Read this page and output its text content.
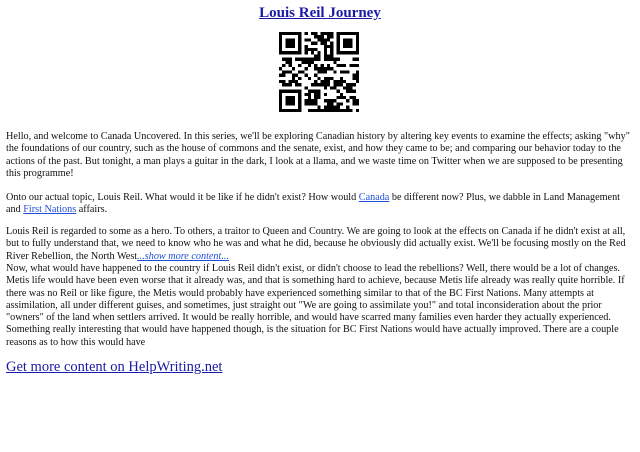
Louis Reil Journey

Hello, and welcome to Canada Uncovered. In this series, we'll be exploring Canadian history by altering key events to examine the effects; asking "why" the foundations of our country, such as the house of commons and the senate, exist, and how they came to be; and comparing our behavior today to the actions of the past. But tonight, a man plays a guitar in the dark, I look at a llama, and we waste time on Twitter when we are supposed to be presenting this programme!

Onto our actual topic, Louis Reil. What would it be like if he didn't exist? How would Canada be different now? Plus, we dabble in Land Management and First Nations affairs.

Louis Reil is regarded to some as a hero. To others, a traitor to Queen and Country. We are going to look at the effects on Canada if he didn't exist at all, but to fully understand that, we need to know who he was and what he did, because he obviously did actually exist. We'll be focusing mostly on the Red River Rebellion, the North West...show more content...

Now, what would have happened to the country if Louis Reil didn't exist, or didn't choose to lead the rebellions? Well, there would be a lot of changes. Metis life would have been even worse that it already was, and that is something hard to achieve, because Metis life already was really quite horrible. If there was no Reil or like figure, the Metis would probably have experienced something similar to that of the BC First Nations. Many attempts at assimilation, all under different guises, and sometimes, just straight out "We are going to assimilate you!" and total inconsideration about the prior "owners" of the land when settlers arrived. It would be really horrible, and would have scarred many families even harder they actually experienced. Something really interesting that would have happened though, is the situation for BC First Nations would have actually improved. There are a couple reasons as to how this would have

Get more content on HelpWriting.net
